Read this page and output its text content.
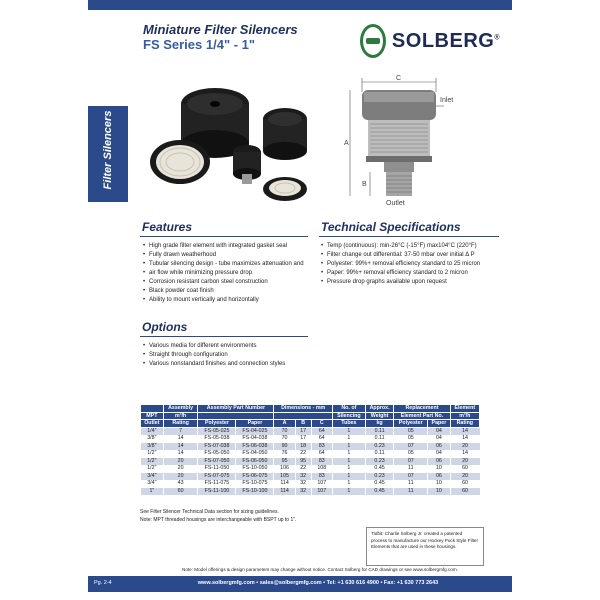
Miniature Filter Silencers
FS Series 1/4" - 1"	SOLBERG®
Filter Silencers
C
A
B
Inlet
Outlet
Features
• High grade filter element with integrated gasket seal
• Fully drawn weatherhood
• Tubular silencing design - tube maximizes attenuation and
• air flow while minimizing pressure drop
• Corrosion resistant carbon steel construction
• Black powder coat finish
• Ability to mount vertically and horizontally
Technical Specifications
• Temp (continuous): min-26°C (-15°F) max104°C (220°F)
• Filter change out differential: 37-50 mbar over initial Δ P
• Polyester: 99%+ removal efficiency standard to 25 micron
• Paper: 99%+ removal efficiency standard to 2 micron
• Pressure drop graphs available upon request
Options
• Various media for different environments
• Straight through configuration
• Various nonstandard finishes and connection styles
	Assembly	Assembly Part Number		Dimensions - mm			No. of	Approx.	Replacement		Element
MPT	m³/h						Silencing	Weight	Element Part No.		m³/h
Outlet	Rating	Polyester	Paper	A	B	C	Tubes	kg	Polyester	Paper	Rating
1/4"	7	FS-05-025	FS-04-025	70	17	64	1	0.11	05	04	14
3/8"	14	FS-05-038	FS-04-038	70	17	64	1	0.11	05	04	14
3/8"	14	FS-07-038	FS-06-038	90	18	83	1	0.23	07	06	20
1/2"	14	FS-05-050	FS-04-050	76	22	64	1	0.11	05	04	14
1/2"	20	FS-07-050	FS-06-050	95	95	83	1	0.23	07	06	20
1/2"	20	FS-11-050	FS-10-050	106	22	108	1	0.45	11	10	60
3/4"	20	FS-07-075	FS-06-075	105	32	83	1	0.23	07	06	20
3/4"	43	FS-11-075	FS-10-075	114	32	107	1	0.45	11	10	60
1"	60	FS-11-100	FS-10-100	114	32	107	1	0.45	11	10	60
See Filter Silencer Technical Data section for sizing guidelines.
Note: MPT threaded housings are interchangeable with BSPT up to 1".
Tidbit: Charlie Solberg Jr. created a patented process to manufacture our Hockey Puck Style Filter Elements that are used in these housings.
Note: Model offerings & design parameters may change without notice. Contact Solberg for CAD drawings or see www.solbergmfg.com.
Pg. 2-4	www.solbergmfg.com • sales@solbergmfg.com • Tel: +1 630 616 4900 • Fax: +1 630 773 2643
